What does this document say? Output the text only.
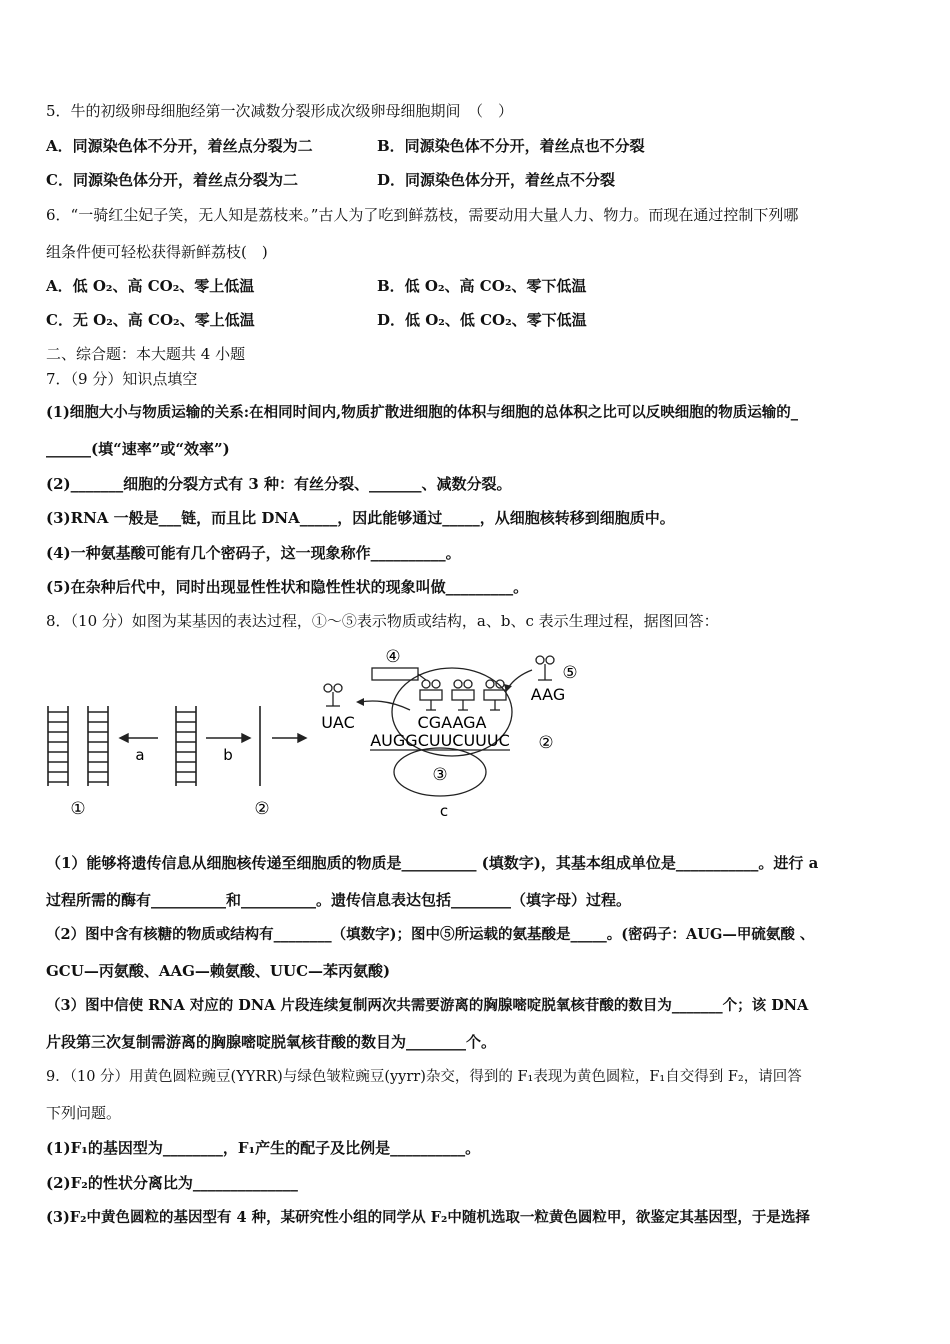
5．牛的初级卵母细胞经第一次减数分裂形成次级卵母细胞期间　（　）
A．同源染色体不分开，着丝点分裂为二	B．同源染色体不分开，着丝点也不分裂
C．同源染色体分开，着丝点分裂为二	D．同源染色体分开，着丝点不分裂
6．“一骑红尘妃子笑，无人知是荔枝来。”古人为了吃到鲜荔枝，需要动用大量人力、物力。而现在通过控制下列哪
组条件便可轻松获得新鲜荔枝(　)
A．低 O₂、高 CO₂、零上低温	B．低 O₂、高 CO₂、零下低温
C．无 O₂、高 CO₂、零上低温	D．低 O₂、低 CO₂、零下低温
二、综合题：本大题共 4 小题
7．（9 分）知识点填空
(1)细胞大小与物质运输的关系:在相同时间内,物质扩散进细胞的体积与细胞的总体积之比可以反映细胞的物质运输的_
______(填“速率”或“效率”)
(2)_______细胞的分裂方式有 3 种：有丝分裂、_______、减数分裂。
(3)RNA 一般是___链，而且比 DNA_____，因此能够通过_____，从细胞核转移到细胞质中。
(4)一种氨基酸可能有几个密码子，这一现象称作__________。
(5)在杂种后代中，同时出现显性性状和隐性性状的现象叫做_________。
8．（10 分）如图为某基因的表达过程，①～⑤表示物质或结构，a、b、c 表示生理过程，据图回答：
a	b
①	②
③
④
UAC
⑤
AAG
CGAAGA
AUGGCUUCUUUC ②
c
（1）能够将遗传信息从细胞核传递至细胞质的物质是__________ (填数字)，其基本组成单位是___________。进行 a
过程所需的酶有__________和__________。遗传信息表达包括________（填字母）过程。
（2）图中含有核糖的物质或结构有________（填数字)；图中⑤所运载的氨基酸是_____。(密码子：AUG—甲硫氨酸 、
GCU—丙氨酸、AAG—赖氨酸、UUC—苯丙氨酸)
（3）图中信使 RNA 对应的 DNA 片段连续复制两次共需要游离的胸腺嘧啶脱氧核苷酸的数目为_______个；该 DNA
片段第三次复制需游离的胸腺嘧啶脱氧核苷酸的数目为________个。
9．（10 分）用黄色圆粒豌豆(YYRR)与绿色皱粒豌豆(yyrr)杂交，得到的 F₁表现为黄色圆粒，F₁自交得到 F₂，请回答
下列问题。
(1)F₁的基因型为________，F₁产生的配子及比例是__________。
(2)F₂的性状分离比为______________
(3)F₂中黄色圆粒的基因型有 4 种，某研究性小组的同学从 F₂中随机选取一粒黄色圆粒甲，欲鉴定其基因型，于是选择
